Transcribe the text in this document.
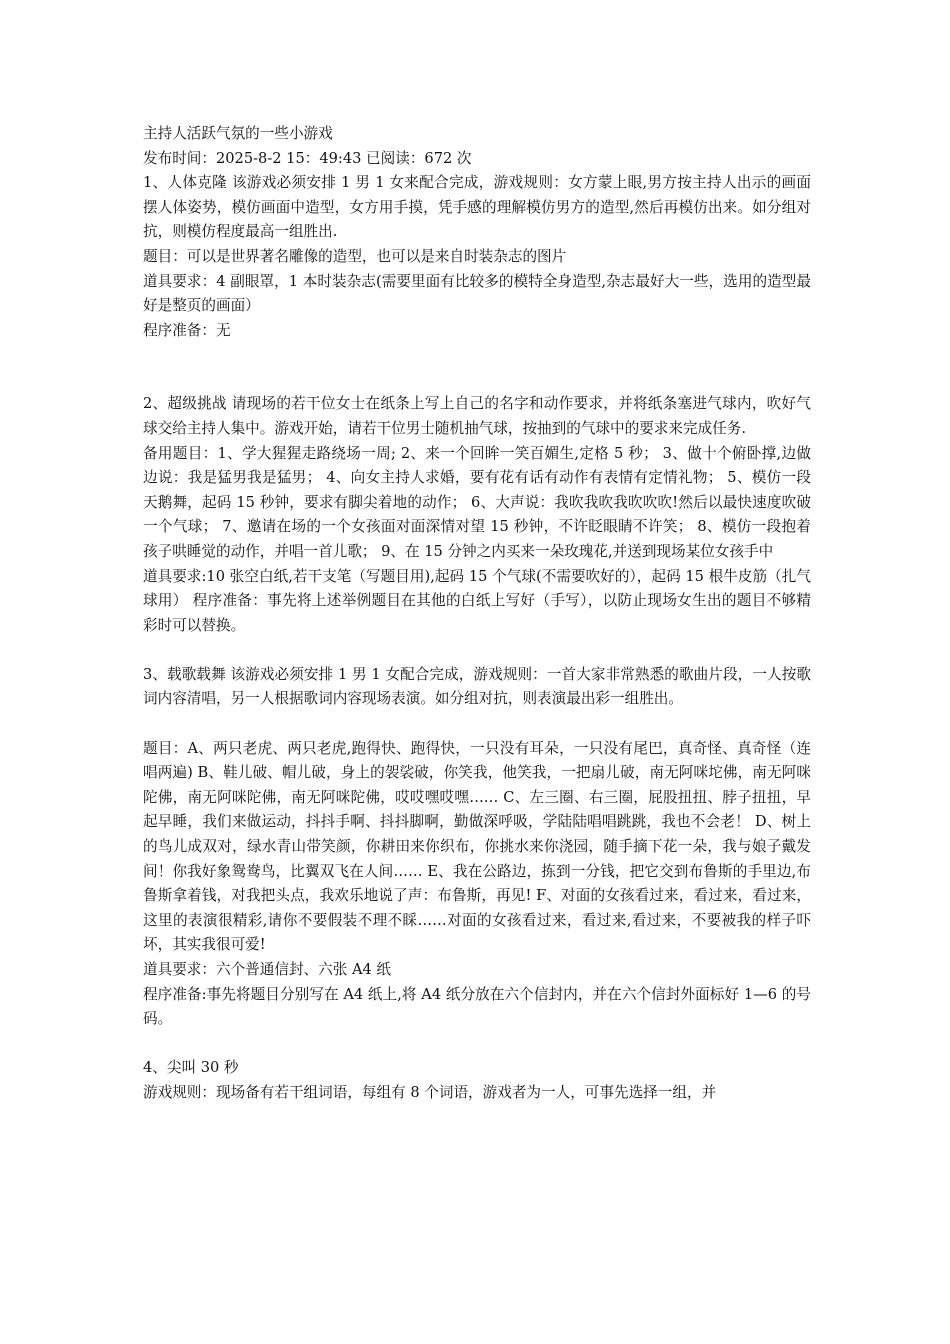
主持人活跃气氛的一些小游戏

发布时间：2025-8-2 15：49:43 已阅读：672 次

1、人体克隆 该游戏必须安排 1 男 1 女来配合完成，游戏规则：女方蒙上眼,男方按主持人出示的画面摆人体姿势，模仿画面中造型，女方用手摸，凭手感的理解模仿男方的造型,然后再模仿出来。如分组对抗，则模仿程度最高一组胜出.

题目：可以是世界著名雕像的造型，也可以是来自时装杂志的图片

道具要求：4 副眼罩，1 本时装杂志(需要里面有比较多的模特全身造型,杂志最好大一些，选用的造型最好是整页的画面）

程序准备：无

2、超级挑战 请现场的若干位女士在纸条上写上自己的名字和动作要求，并将纸条塞进气球内，吹好气球交给主持人集中。游戏开始，请若干位男士随机抽气球，按抽到的气球中的要求来完成任务.

备用题目：1、学大猩猩走路绕场一周; 2、来一个回眸一笑百媚生,定格 5 秒； 3、做十个俯卧撑,边做边说：我是猛男我是猛男； 4、向女主持人求婚，要有花有话有动作有表情有定情礼物； 5、模仿一段天鹅舞，起码 15 秒钟，要求有脚尖着地的动作； 6、大声说：我吹我吹我吹吹吹!然后以最快速度吹破一个气球； 7、邀请在场的一个女孩面对面深情对望 15 秒钟，不许眨眼睛不许笑； 8、模仿一段抱着孩子哄睡觉的动作，并唱一首儿歌； 9、在 15 分钟之内买来一朵玫瑰花,并送到现场某位女孩手中

道具要求:10 张空白纸,若干支笔（写题目用),起码 15 个气球(不需要吹好的），起码 15 根牛皮筋（扎气球用） 程序准备：事先将上述举例题目在其他的白纸上写好（手写），以防止现场女生出的题目不够精彩时可以替换。

3、载歌载舞 该游戏必须安排 1 男 1 女配合完成，游戏规则：一首大家非常熟悉的歌曲片段，一人按歌词内容清唱，另一人根据歌词内容现场表演。如分组对抗，则表演最出彩一组胜出。

题目：A、两只老虎、两只老虎,跑得快、跑得快，一只没有耳朵，一只没有尾巴，真奇怪、真奇怪（连唱两遍) B、鞋儿破、帽儿破，身上的袈裟破，你笑我，他笑我，一把扇儿破，南无阿咪坨佛，南无阿咪陀佛，南无阿咪陀佛，南无阿咪陀佛，哎哎嘿哎嘿…… C、左三圈、右三圈，屁股扭扭、脖子扭扭，早起早睡，我们来做运动，抖抖手啊、抖抖脚啊，勤做深呼吸，学陆陆唱唱跳跳，我也不会老！ D、树上的鸟儿成双对，绿水青山带笑颜，你耕田来你织布，你挑水来你浇园，随手摘下花一朵，我与娘子戴发间！你我好象鸳鸯鸟，比翼双飞在人间…… E、我在公路边，拣到一分钱，把它交到布鲁斯的手里边,布鲁斯拿着钱，对我把头点，我欢乐地说了声：布鲁斯，再见! F、对面的女孩看过来，看过来，看过来，这里的表演很精彩,请你不要假装不理不睬……对面的女孩看过来，看过来,看过来，不要被我的样子吓坏，其实我很可爱!

道具要求：六个普通信封、六张 A4 纸

程序准备:事先将题目分别写在 A4 纸上,将 A4 纸分放在六个信封内，并在六个信封外面标好 1—6 的号码。

4、尖叫 30 秒

游戏规则：现场备有若干组词语，每组有 8 个词语，游戏者为一人，可事先选择一组，并
